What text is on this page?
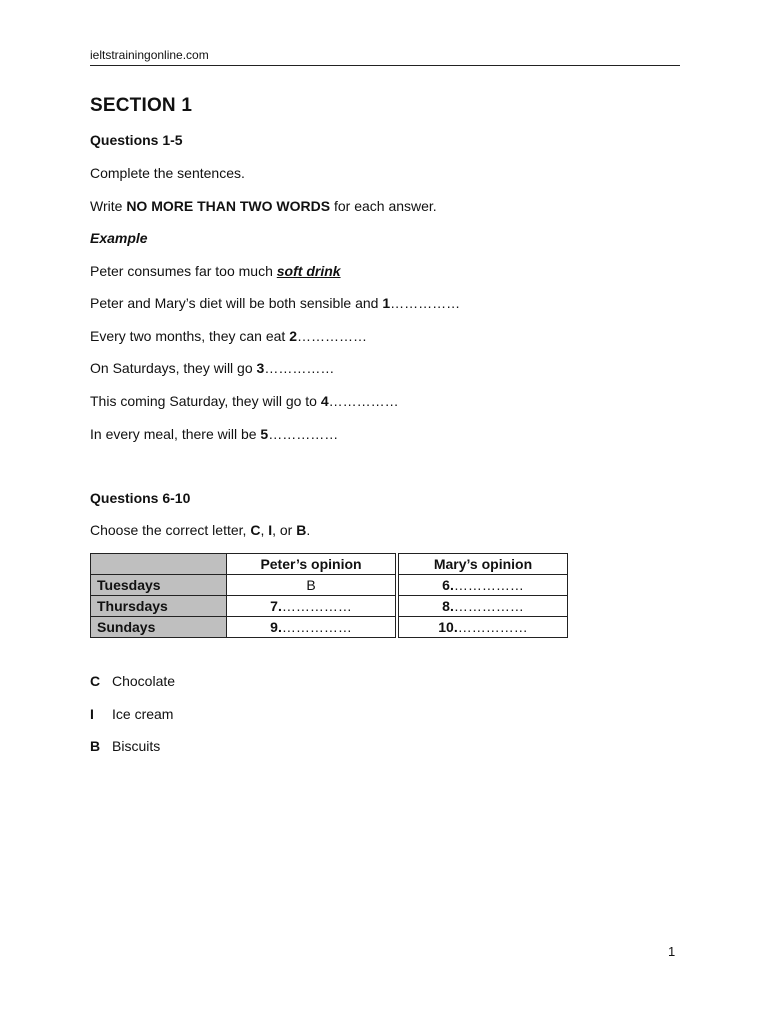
ieltstrainingonline.com
SECTION 1
Questions 1-5
Complete the sentences.
Write NO MORE THAN TWO WORDS for each answer.
Example
Peter consumes far too much soft drink
Peter and Mary’s diet will be both sensible and 1……………
Every two months, they can eat 2……………
On Saturdays, they will go 3……………
This coming Saturday, they will go to 4……………
In every meal, there will be 5……………
Questions 6-10
Choose the correct letter, C, I, or B.
	Peter’s opinion		Mary’s opinion
Tuesdays	B		6.……………
Thursdays	7.……………		8.……………
Sundays	9.……………		10.……………
C Chocolate
I Ice cream
B Biscuits
1
